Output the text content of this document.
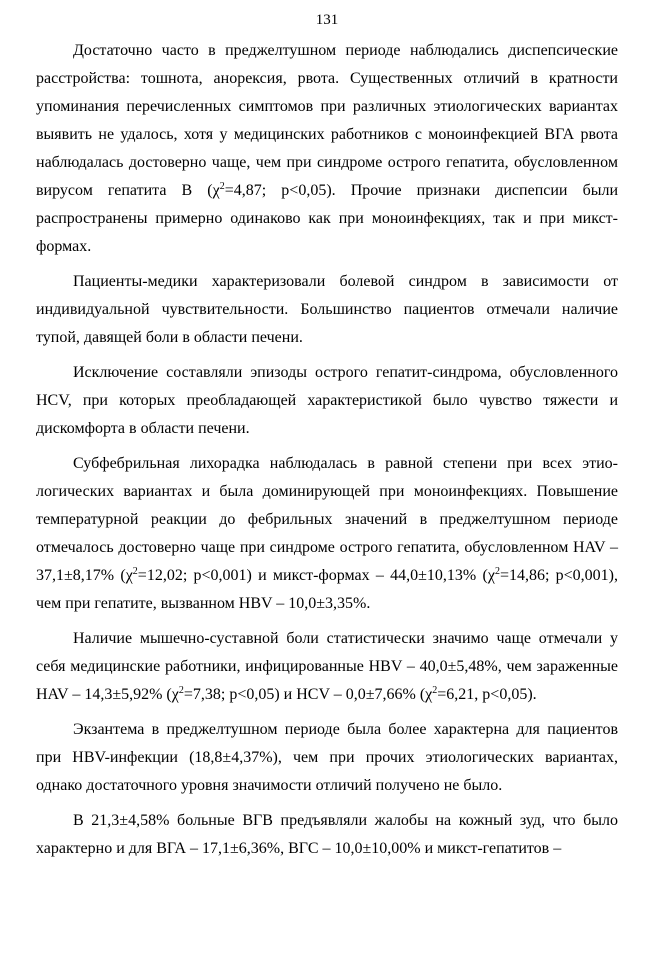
131

Достаточно часто в преджелтушном периоде наблюдались диспепсические расстройства: тошнота, анорексия, рвота. Существенных отличий в кратности упоминания перечисленных симптомов при различных этиологических вариантах выявить не удалось, хотя у медицинских работников с моноинфекцией ВГА рвота наблюдалась достоверно чаще, чем при синдроме острого гепатита, обусловленном вирусом гепатита В ($\chi^2=4,87$; р<0,05). Прочие признаки диспепсии были распространены примерно одинаково как при моноинфекциях, так и при микст-формах.

Пациенты-медики характеризовали болевой синдром в зависимости от индивидуальной чувствительности. Большинство пациентов отмечали наличие тупой, давящей боли в области печени.

Исключение составляли эпизоды острого гепатит-синдрома, обусловленного HCV, при которых преобладающей характеристикой было чувство тяжести и дискомфорта в области печени.

Субфебрильная лихорадка наблюдалась в равной степени при всех этиологических вариантах и была доминирующей при моноинфекциях. Повышение температурной реакции до фебрильных значений в преджелтушном периоде отмечалось достоверно чаще при синдроме острого гепатита, обусловленном HAV – 37,1±8,17% ($\chi^2=12,02$; p<0,001) и микст-формах – 44,0±10,13% ($\chi^2=14,86$; p<0,001), чем при гепатите, вызванном HBV – 10,0±3,35%.

Наличие мышечно-суставной боли статистически значимо чаще отмечали у себя медицинские работники, инфицированные HBV – 40,0±5,48%, чем зараженные HAV – 14,3±5,92% ($\chi^2=7,38$; p<0,05) и HCV – 0,0±7,66% ($\chi^2=6,21$, p<0,05).

Экзантема в преджелтушном периоде была более характерна для пациентов при HBV-инфекции (18,8±4,37%), чем при прочих этиологических вариантах, однако достаточного уровня значимости отличий получено не было.

В 21,3±4,58% больные ВГВ предъявляли жалобы на кожный зуд, что было характерно и для ВГА – 17,1±6,36%, ВГС – 10,0±10,00% и микст-гепатитов –
